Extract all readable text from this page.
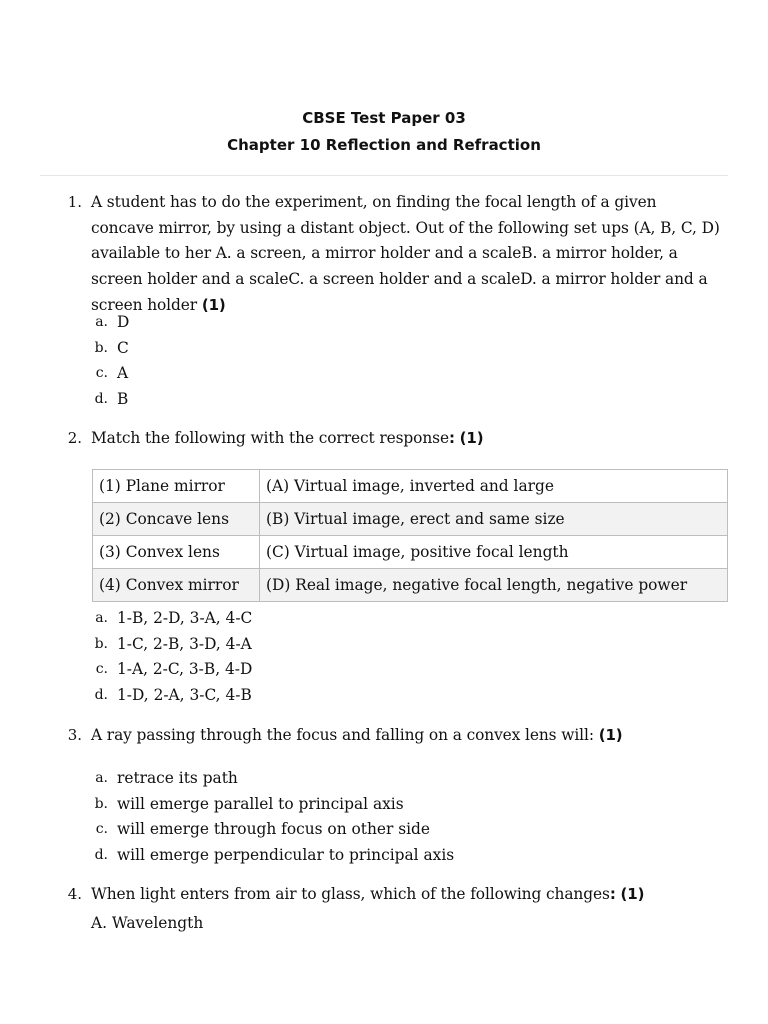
CBSE Test Paper 03
Chapter 10 Reflection and Refraction
1. A student has to do the experiment, on finding the focal length of a given concave mirror, by using a distant object. Out of the following set ups (A, B, C, D) available to her A. a screen, a mirror holder and a scaleB. a mirror holder, a screen holder and a scaleC. a screen holder and a scaleD. a mirror holder and a screen holder (1)
a. D
b. C
c. A
d. B
2. Match the following with the correct response: (1)
(1) Plane mirror	(A) Virtual image, inverted and large
(2) Concave lens	(B) Virtual image, erect and same size
(3) Convex lens	(C) Virtual image, positive focal length
(4) Convex mirror	(D) Real image, negative focal length, negative power
a. 1-B, 2-D, 3-A, 4-C
b. 1-C, 2-B, 3-D, 4-A
c. 1-A, 2-C, 3-B, 4-D
d. 1-D, 2-A, 3-C, 4-B
3. A ray passing through the focus and falling on a convex lens will: (1)
a. retrace its path
b. will emerge parallel to principal axis
c. will emerge through focus on other side
d. will emerge perpendicular to principal axis
4. When light enters from air to glass, which of the following changes: (1)
A. Wavelength
